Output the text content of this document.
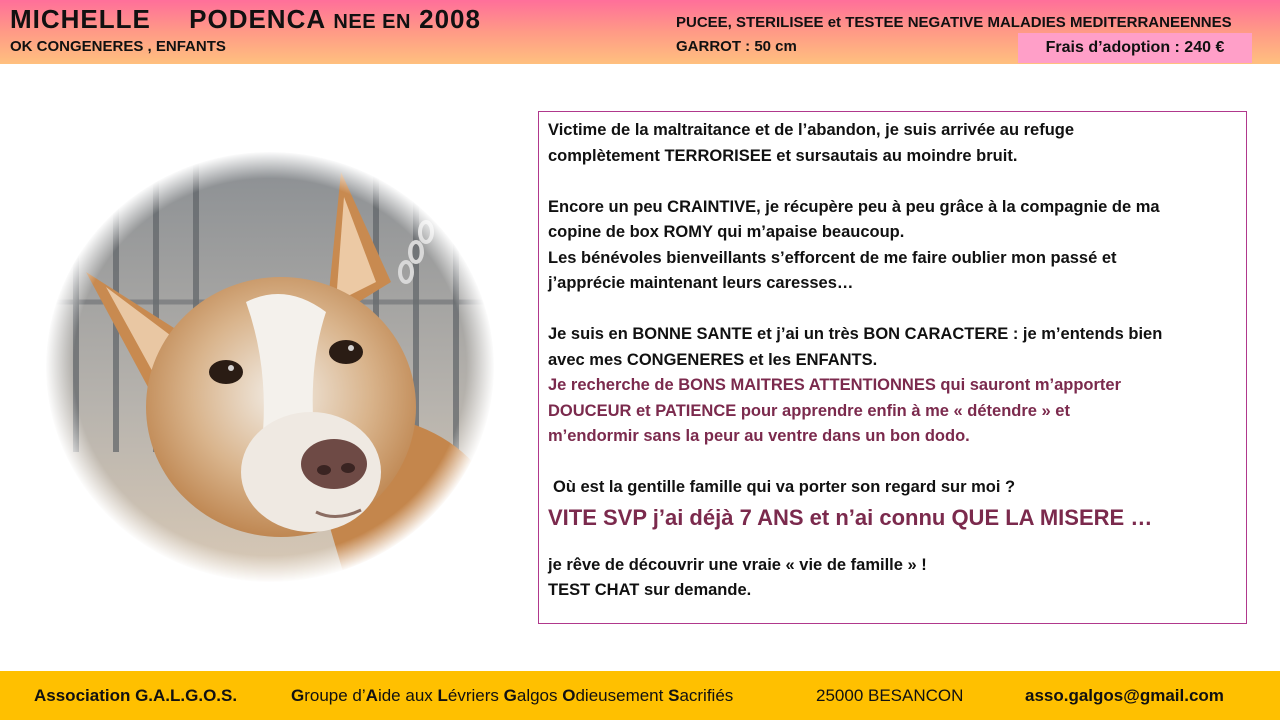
MICHELLE PODENCA NEE EN 2008
OK CONGENERES , ENFANTS
PUCEE, STERILISEE et TESTEE NEGATIVE MALADIES MEDITERRANEENNES
GARROT : 50 cm	Frais d’adoption : 240 €

Victime de la maltraitance et de l’abandon, je suis arrivée au refuge

complètement TERRORISEE et sursautais au moindre bruit.

Encore un peu CRAINTIVE, je récupère peu à peu grâce à la compagnie de ma

copine de box ROMY qui m’apaise beaucoup.

Les bénévoles bienveillants s’efforcent de me faire oublier mon passé et

j’apprécie maintenant leurs caresses…

Je suis en BONNE SANTE et j’ai un très BON CARACTERE : je m’entends bien

avec mes CONGENERES et les ENFANTS.

Je recherche de BONS MAITRES ATTENTIONNES qui sauront m’apporter

DOUCEUR et PATIENCE pour apprendre enfin à me « détendre » et

m’endormir sans la peur au ventre dans un bon dodo.

Où est la gentille famille qui va porter son regard sur moi ?

VITE SVP j’ai déjà 7 ANS et n’ai connu QUE LA MISERE …

je rêve de découvrir une vraie « vie de famille » !

TEST CHAT sur demande.

Association G.A.L.G.O.S.	Groupe d’Aide aux Lévriers Galgos Odieusement Sacrifiés	25000 BESANCON	asso.galgos@gmail.com
